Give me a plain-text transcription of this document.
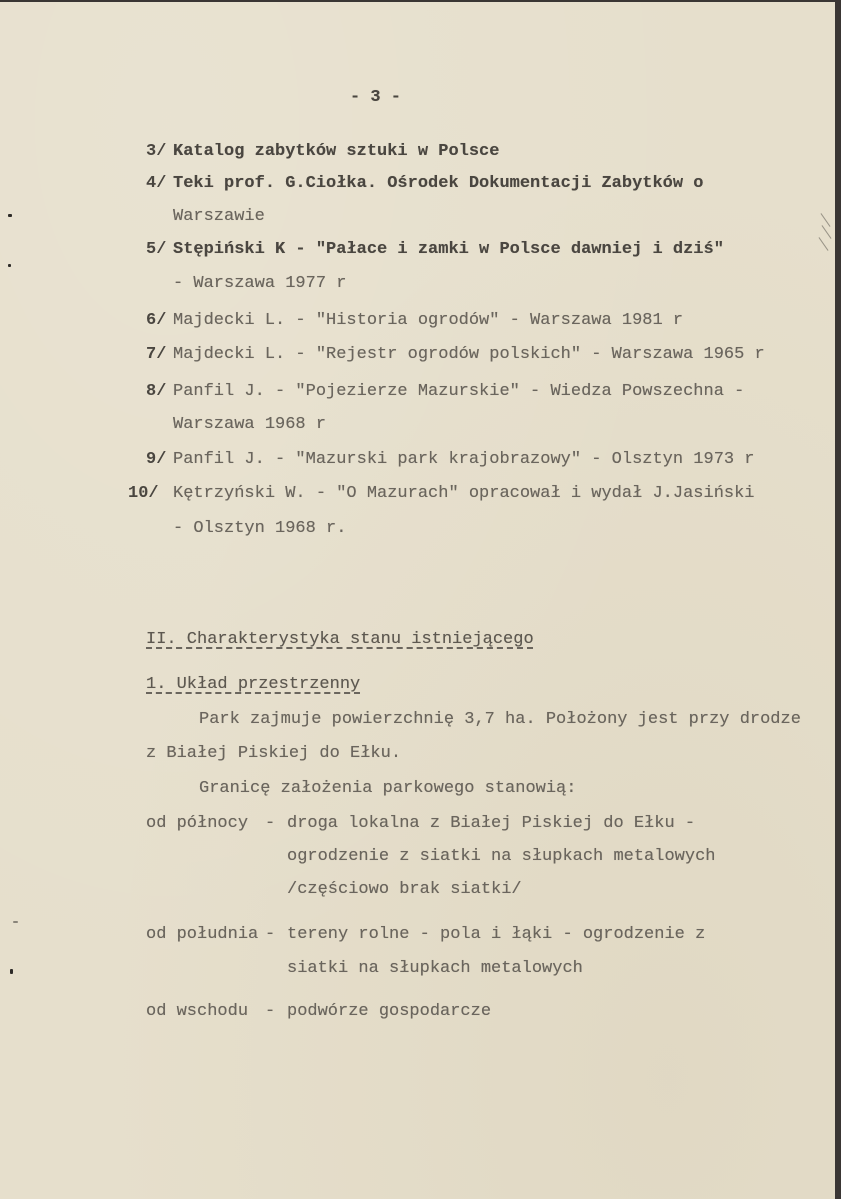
- 3 -
3/ Katalog zabytków sztuki w Polsce
4/ Teki prof. G.Ciołka. Ośrodek Dokumentacji Zabytków o
Warszawie
5/ Stępiński K - "Pałace i zamki w Polsce dawniej i dziś"
- Warszawa 1977 r
6/ Majdecki L. - "Historia ogrodów" - Warszawa 1981 r
7/ Majdecki L. - "Rejestr ogrodów polskich" - Warszawa 1965 r
8/ Panfil J. - "Pojezierze Mazurskie" - Wiedza Powszechna -
Warszawa 1968 r
9/ Panfil J. - "Mazurski park krajobrazowy" - Olsztyn 1973 r
10/ Kętrzyński W. - "O Mazurach" opracował i wydał J.Jasiński
- Olsztyn 1968 r.
II. Charakterystyka stanu istniejącego
1. Układ przestrzenny
Park zajmuje powierzchnię 3,7 ha. Położony jest przy drodze
z Białej Piskiej do Ełku.
Granicę założenia parkowego stanowią:
od północy - droga lokalna z Białej Piskiej do Ełku -
ogrodzenie z siatki na słupkach metalowych
/częściowo brak siatki/
od południa - tereny rolne - pola i łąki - ogrodzenie z
siatki na słupkach metalowych
od wschodu - podwórze gospodarcze
